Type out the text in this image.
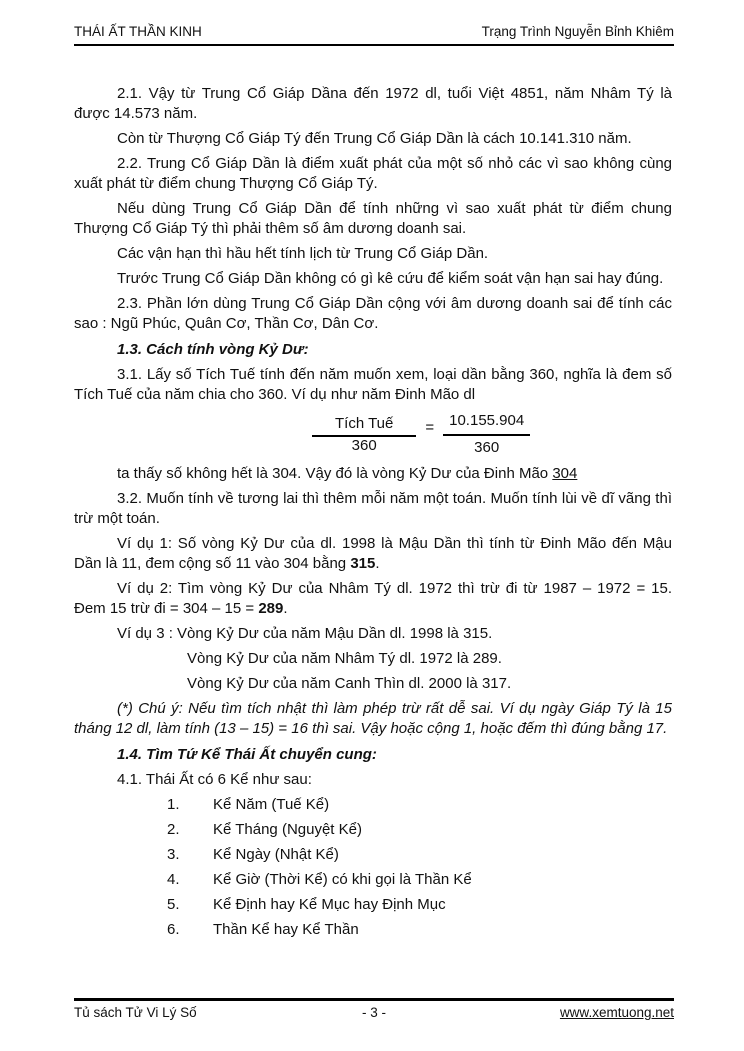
THÁI ẤT THẦN KINH	Trạng Trình Nguyễn Bỉnh Khiêm

2.1. Vậy từ Trung Cổ Giáp Dầna đến 1972 dl, tuổi Việt 4851, năm Nhâm Tý là được 14.573 năm.

Còn từ Thượng Cổ Giáp Tý đến Trung Cổ Giáp Dần là cách 10.141.310 năm.

2.2. Trung Cổ Giáp Dần là điểm xuất phát của một số nhỏ các vì sao không cùng xuất phát từ điểm chung Thượng Cổ Giáp Tý.

Nếu dùng Trung Cổ Giáp Dần để tính những vì sao xuất phát từ điểm chung Thượng Cổ Giáp Tý thì phải thêm số âm dương doanh sai.

Các vận hạn thì hầu hết tính lịch từ Trung Cổ Giáp Dần.

Trước Trung Cổ Giáp Dần không có gì kê cứu để kiểm soát vận hạn sai hay đúng.

2.3. Phần lớn dùng Trung Cổ Giáp Dần cộng với âm dương doanh sai để tính các sao : Ngũ Phúc, Quân Cơ, Thần Cơ, Dân Cơ.

1.3. Cách tính vòng Kỷ Dư:

3.1. Lấy số Tích Tuế tính đến năm muốn xem, loại dần bằng 360, nghĩa là đem số Tích Tuế của năm chia cho 360. Ví dụ như năm Đinh Mão dl

$\frac{\text{Tích Tuế}}{360} = \frac{10.155.904}{360}$

ta thấy số không hết là 304. Vậy đó là vòng Kỷ Dư của Đinh Mão 304

3.2. Muốn tính về tương lai thì thêm mỗi năm một toán. Muốn tính lùi về dĩ vãng thì trừ một toán.

Ví dụ 1: Số vòng Kỷ Dư của dl. 1998 là Mậu Dần thì tính từ Đinh Mão đến Mậu Dần là 11, đem cộng số 11 vào 304 bằng 315.

Ví dụ 2: Tìm vòng Kỷ Dư của Nhâm Tý dl. 1972 thì trừ đi từ 1987 – 1972 = 15. Đem 15 trừ đi = 304 – 15 = 289.

Ví dụ 3 : Vòng Kỷ Dư của năm Mậu Dần dl. 1998 là 315.

Vòng Kỷ Dư của năm Nhâm Tý dl. 1972 là 289.

Vòng Kỷ Dư của năm Canh Thìn dl. 2000 là 317.

(*) Chú ý: Nếu tìm tích nhật thì làm phép trừ rất dễ sai. Ví dụ ngày Giáp Tý là 15 tháng 12 dl, làm tính (13 – 15) = 16 thì sai. Vậy hoặc cộng 1, hoặc đếm thì đúng bằng 17.

1.4. Tìm Tứ Kể Thái Ất chuyển cung:

4.1. Thái Ất có 6 Kể như sau:

1.	Kể Năm (Tuế Kể)
2.	Kể Tháng (Nguyệt Kể)
3.	Kể Ngày (Nhật Kể)
4.	Kể Giờ (Thời Kể) có khi gọi là Thần Kể
5.	Kể Định hay Kể Mục hay Định Mục
6.	Thần Kể hay Kể Thần
Tủ sách Tử Vi Lý Số	- 3 -	www.xemtuong.net
